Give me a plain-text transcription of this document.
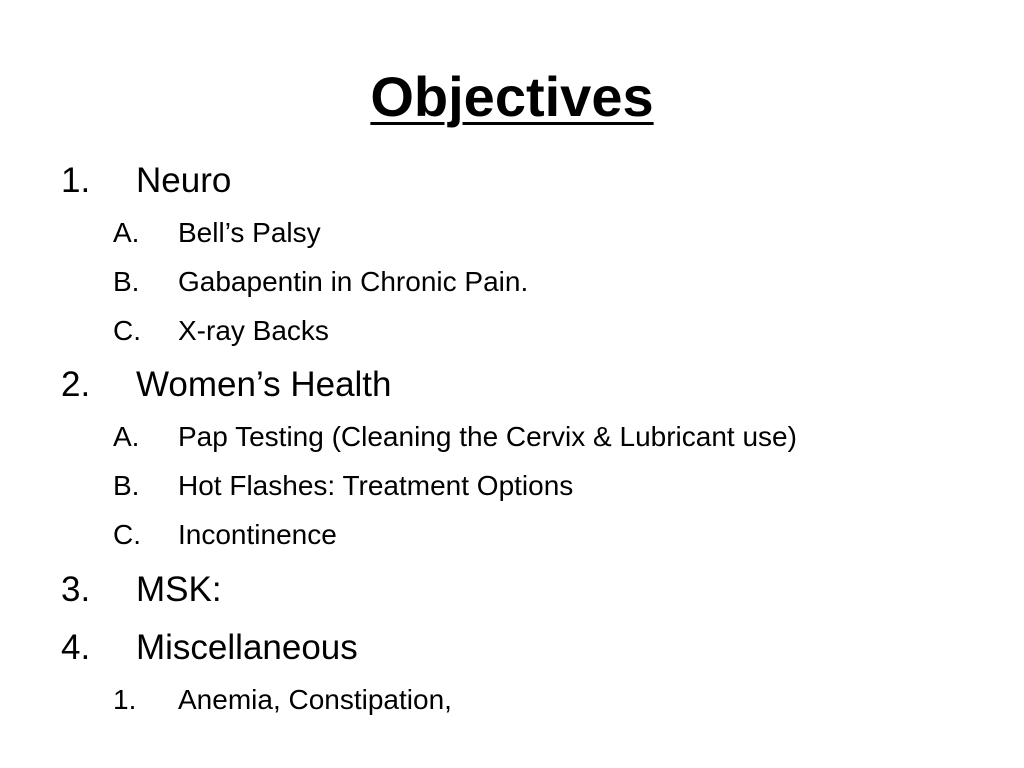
Objectives
1. Neuro
A. Bell’s Palsy
B. Gabapentin in Chronic Pain.
C. X-ray Backs
2. Women’s Health
A. Pap Testing (Cleaning the Cervix & Lubricant use)
B. Hot Flashes: Treatment Options
C. Incontinence
3. MSK:
4. Miscellaneous
1. Anemia, Constipation,
